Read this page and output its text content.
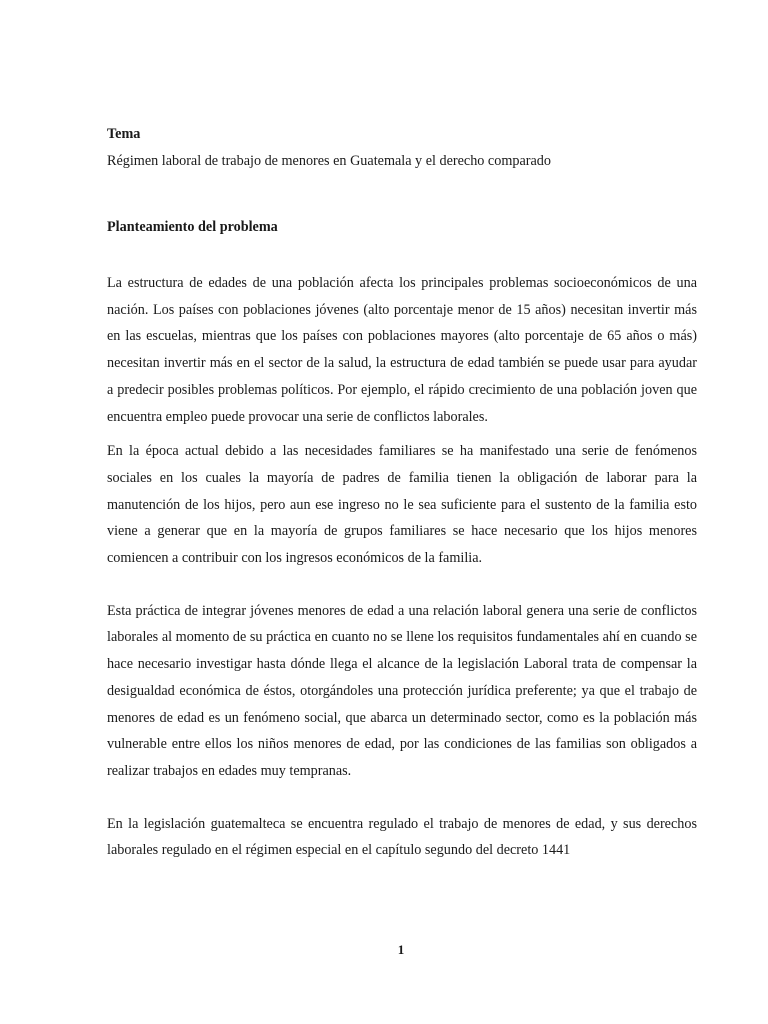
Tema

Régimen laboral de trabajo de menores en Guatemala y el derecho comparado

Planteamiento del problema

La estructura de edades de una población afecta los principales problemas socioeconómicos de una nación. Los países con poblaciones jóvenes (alto porcentaje menor de 15 años) necesitan invertir más en las escuelas, mientras que los países con poblaciones mayores (alto porcentaje de 65 años o más) necesitan invertir más en el sector de la salud, la estructura de edad también se puede usar para ayudar a predecir posibles problemas políticos. Por ejemplo, el rápido crecimiento de una población joven que encuentra empleo puede provocar una serie de conflictos laborales.

En la época actual debido a las necesidades familiares se ha manifestado una serie de fenómenos sociales en los cuales la mayoría de padres de familia tienen la obligación de laborar para la manutención de los hijos, pero aun ese ingreso no le sea suficiente para el sustento de la familia esto viene a generar que en la mayoría de grupos familiares se hace necesario que los hijos menores comiencen a contribuir con los ingresos económicos de la familia.

Esta práctica de integrar jóvenes menores de edad a una relación laboral genera una serie de conflictos laborales al momento de su práctica en cuanto no se llene los requisitos fundamentales ahí en cuando se hace necesario investigar hasta dónde llega el alcance de la legislación Laboral trata de compensar la desigualdad económica de éstos, otorgándoles una protección jurídica preferente; ya que el trabajo de menores de edad es un fenómeno social, que abarca un determinado sector, como es la población más vulnerable entre ellos los niños menores de edad, por las condiciones de las familias son obligados a realizar trabajos en edades muy tempranas.

En la legislación guatemalteca se encuentra regulado el trabajo de menores de edad, y sus derechos laborales regulado en el régimen especial en el capítulo segundo del decreto 1441

1
